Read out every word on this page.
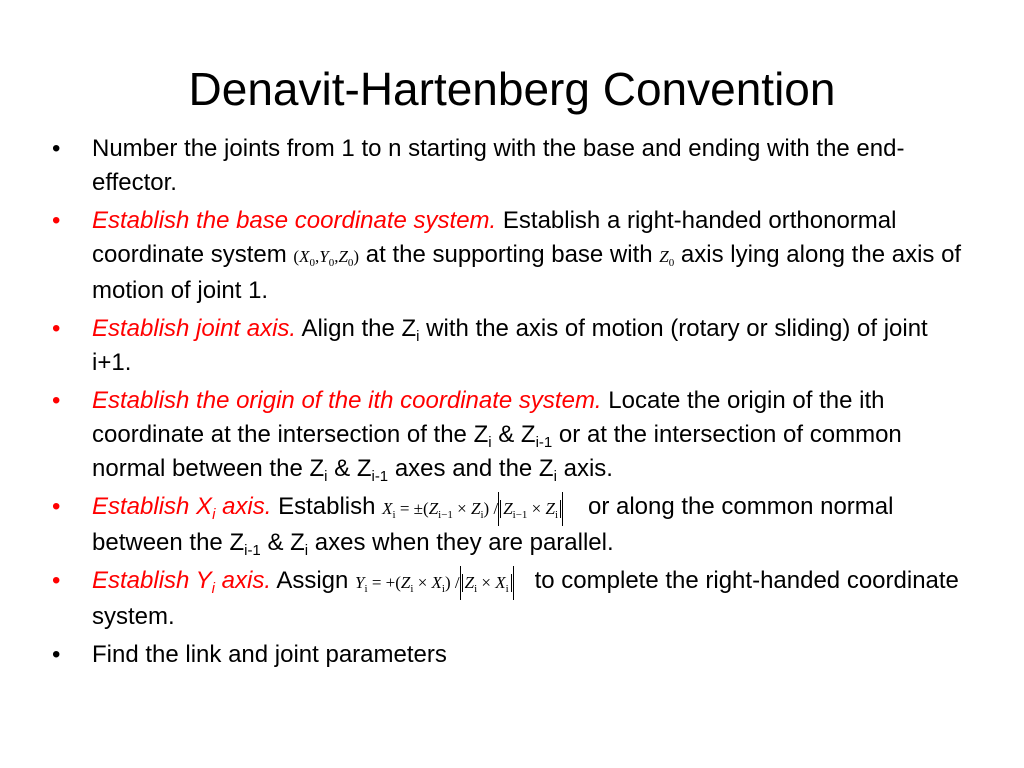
Denavit-Hartenberg Convention
•	Number the joints from 1 to n starting with the base and ending with the end-effector.
•	Establish the base coordinate system. Establish a right-handed orthonormal coordinate system $(X_0,Y_0,Z_0)$ at the supporting base with $Z_0$ axis lying along the axis of motion of joint 1.
•	Establish joint axis. Align the $Z_i$ with the axis of motion (rotary or sliding) of joint i+1.
•	Establish the origin of the ith coordinate system. Locate the origin of the ith coordinate at the intersection of the $Z_i$ & $Z_{i-1}$ or at the intersection of common normal between the $Z_i$ & $Z_{i-1}$ axes and the $Z_i$ axis.
•	Establish $X_i$ axis. Establish $X_i = \pm(Z_{i-1} \times Z_i) / Z_{i-1} \times Z_i$  or along the common normal between the $Z_{i-1}$ & $Z_i$ axes when they are parallel.
•	Establish $Y_i$ axis. Assign $Y_i = +(Z_i \times X_i) / Z_i \times X_i$  to complete the right-handed coordinate system.
•	Find the link and joint parameters
